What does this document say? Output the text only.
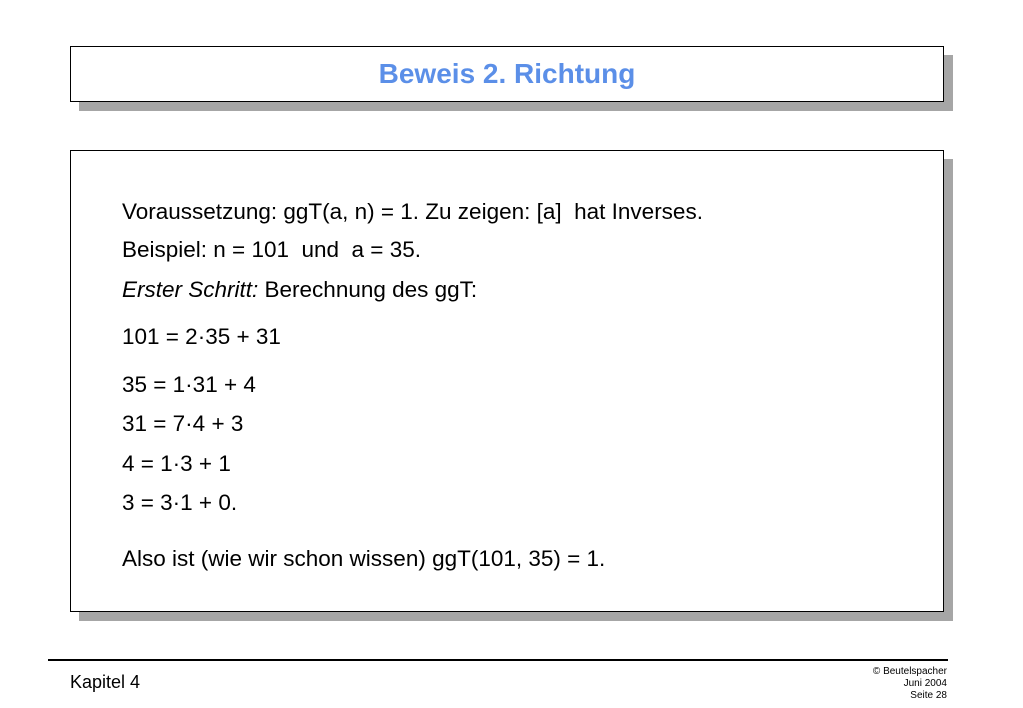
Beweis 2. Richtung
Voraussetzung: ggT(a, n) = 1. Zu zeigen: [a]  hat Inverses.
Beispiel: n = 101  und  a = 35.
Erster Schritt: Berechnung des ggT:
101 = 2·35 + 31
35 = 1·31 + 4
31 = 7·4 + 3
4 = 1·3 + 1
3 = 3·1 + 0.
Also ist (wie wir schon wissen) ggT(101, 35) = 1.
Kapitel 4
© Beutelspacher
Juni 2004
Seite 28
